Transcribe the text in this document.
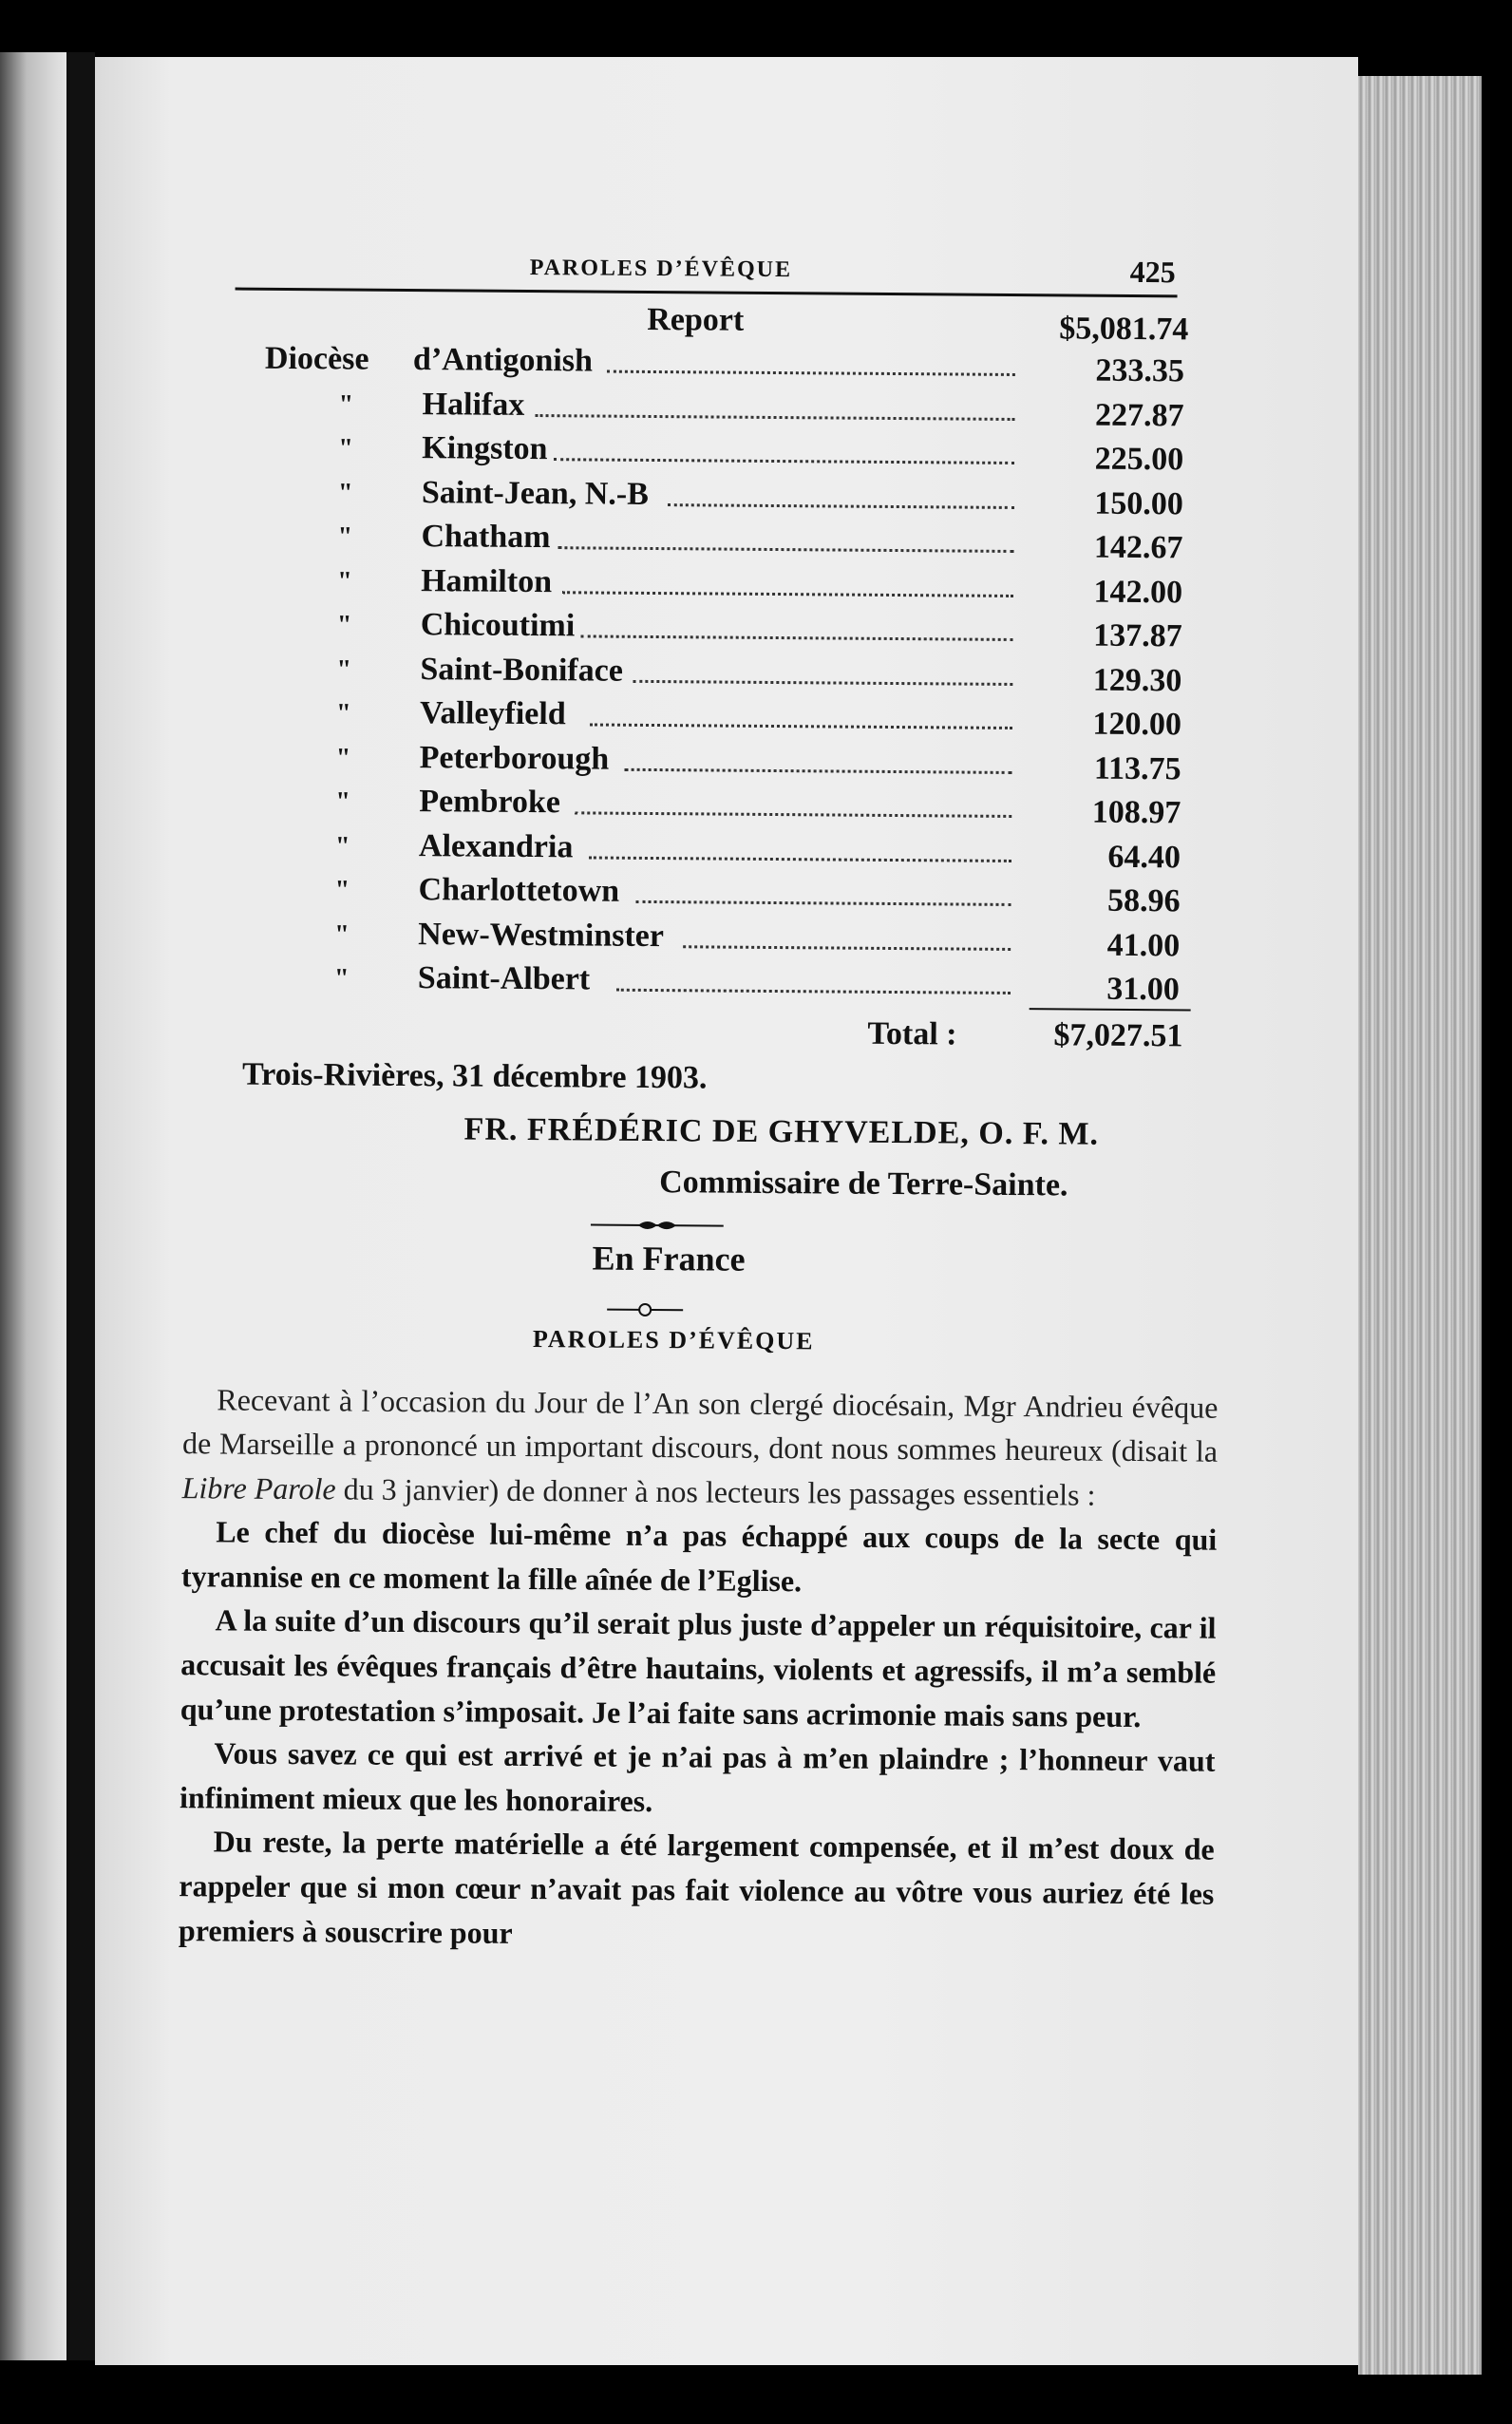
PAROLES D’ÉVÊQUE	425
Report	$5,081.74
Diocèse d’Antigonish	233.35
" Halifax	227.87
" Kingston	225.00
" Saint-Jean, N.-B	150.00
" Chatham	142.67
" Hamilton	142.00
" Chicoutimi	137.87
" Saint-Boniface	129.30
" Valleyfield	120.00
" Peterborough	113.75
" Pembroke	108.97
" Alexandria	64.40
" Charlottetown	58.96
" New-Westminster	41.00
" Saint-Albert	31.00
Total :	$7,027.51
Trois-Rivières, 31 décembre 1903.
FR. FRÉDÉRIC DE GHYVELDE, O. F. M.
Commissaire de Terre-Sainte.
En France
PAROLES D’ÉVÊQUE

Recevant à l’occasion du Jour de l’An son clergé diocésain, Mgr Andrieu évêque de Marseille a prononcé un important discours, dont nous sommes heureux (disait la Libre Parole du 3 janvier) de donner à nos lecteurs les passages essentiels :

Le chef du diocèse lui-même n’a pas échappé aux coups de la secte qui tyrannise en ce moment la fille aînée de l’Eglise.

A la suite d’un discours qu’il serait plus juste d’appeler un réquisitoire, car il accusait les évêques français d’être hautains, violents et agressifs, il m’a semblé qu’une protestation s’imposait. Je l’ai faite sans acrimonie mais sans peur.

Vous savez ce qui est arrivé et je n’ai pas à m’en plaindre ; l’honneur vaut infiniment mieux que les honoraires.

Du reste, la perte matérielle a été largement compensée, et il m’est doux de rappeler que si mon cœur n’avait pas fait violence au vôtre vous auriez été les premiers à souscrire pour
